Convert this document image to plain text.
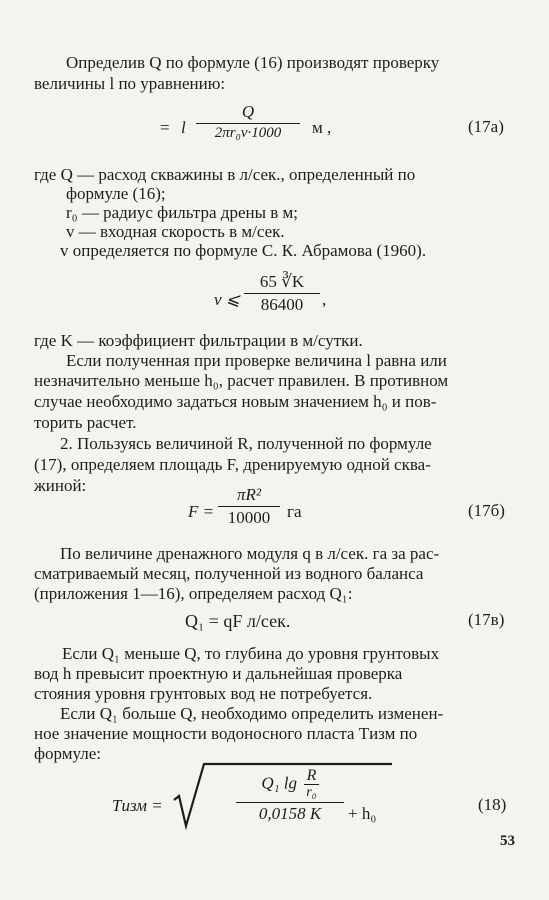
Определив Q по формуле (16) производят проверку
величины l по уравнению:
= l $\frac{Q}{\text{2πr₀v·1000}}$ м ,	(17а)
где Q — расход скважины в л/сек., определенный по
формуле (16);
r₀ — радиус фильтра дрены в м;
v — входная скорость в м/сек.
v определяется по формуле С. К. Абрамова (1960).
v ⩽ $\frac{65 ∛K}{86400}$ ,
где K — коэффициент фильтрации в м/сутки.
Если полученная при проверке величина l равна или
незначительно меньше h₀, расчет правилен. В противном
случае необходимо задаться новым значением h₀ и пов-
торить расчет.
2. Пользуясь величиной R, полученной по формуле
(17), определяем площадь F, дренируемую одной сква-
жиной:
$F = \frac{\text{πR²}}{10000}$ га	(17б)
По величине дренажного модуля q в л/сек. га за рас-
сматриваемый месяц, полученной из водного баланса
(приложения 1—16), определяем расход Q₁:
Q₁ = qF л/сек.	(17в)
Если Q₁ меньше Q, то глубина до уровня грунтовых
вод h превысит проектную и дальнейшая проверка
стояния уровня грунтовых вод не потребуется.
Если Q₁ больше Q, необходимо определить изменен-
ное значение мощности водоносного пласта Tизм по
формуле:
Tизм =	$\frac{Q_1 \lg \frac{R}{\text{r₀}}}{0,0158 K} + h_0$	(18)
53
